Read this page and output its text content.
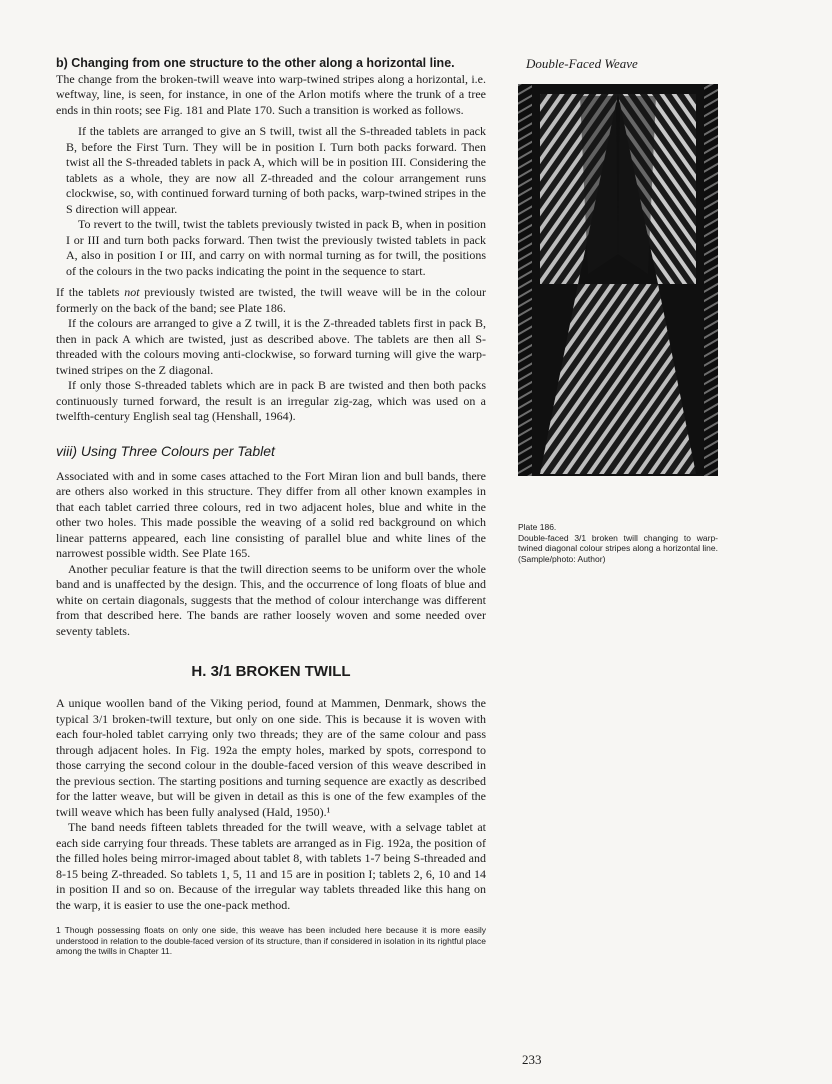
b) Changing from one structure to the other along a horizontal line.

The change from the broken-twill weave into warp-twined stripes along a horizontal, i.e. weftway, line, is seen, for instance, in one of the Arlon motifs where the trunk of a tree ends in thin roots; see Fig. 181 and Plate 170. Such a transition is worked as follows.

If the tablets are arranged to give an S twill, twist all the S-threaded tablets in pack B, before the First Turn. They will be in position I. Turn both packs forward. Then twist all the S-threaded tablets in pack A, which will be in position III. Considering the tablets as a whole, they are now all Z-threaded and the colour arrangement runs clockwise, so, with continued forward turning of both packs, warp-twined stripes in the S direction will appear.

To revert to the twill, twist the tablets previously twisted in pack B, when in position I or III and turn both packs forward. Then twist the previously twisted tablets in pack A, also in position I or III, and carry on with normal turning as for twill, the positions of the colours in the two packs indicating the point in the sequence to start.

If the tablets not previously twisted are twisted, the twill weave will be in the colour formerly on the back of the band; see Plate 186.

If the colours are arranged to give a Z twill, it is the Z-threaded tablets first in pack B, then in pack A which are twisted, just as described above. The tablets are then all S-threaded with the colours moving anti-clockwise, so forward turning will give the warp-twined stripes on the Z diagonal.

If only those S-threaded tablets which are in pack B are twisted and then both packs continuously turned forward, the result is an irregular zig-zag, which was used on a twelfth-century English seal tag (Henshall, 1964).

viii) Using Three Colours per Tablet

Associated with and in some cases attached to the Fort Miran lion and bull bands, there are others also worked in this structure. They differ from all other known examples in that each tablet carried three colours, red in two adjacent holes, blue and white in the other two holes. This made possible the weaving of a solid red background on which linear patterns appeared, each line consisting of parallel blue and white lines of the narrowest possible width. See Plate 165.

Another peculiar feature is that the twill direction seems to be uniform over the whole band and is unaffected by the design. This, and the occurrence of long floats of blue and white on certain diagonals, suggests that the method of colour interchange was different from that described here. The bands are rather loosely woven and some needed over seventy tablets.

H. 3/1 BROKEN TWILL

A unique woollen band of the Viking period, found at Mammen, Denmark, shows the typical 3/1 broken-twill texture, but only on one side. This is because it is woven with each four-holed tablet carrying only two threads; they are of the same colour and pass through adjacent holes. In Fig. 192a the empty holes, marked by spots, correspond to those carrying the second colour in the double-faced version of this weave described in the previous section. The starting positions and turning sequence are exactly as described for the latter weave, but will be given in detail as this is one of the few examples of the twill weave which has been fully analysed (Hald, 1950).¹

The band needs fifteen tablets threaded for the twill weave, with a selvage tablet at each side carrying four threads. These tablets are arranged as in Fig. 192a, the position of the filled holes being mirror-imaged about tablet 8, with tablets 1-7 being S-threaded and 8-15 being Z-threaded. So tablets 1, 5, 11 and 15 are in position I; tablets 2, 6, 10 and 14 in position II and so on. Because of the irregular way tablets threaded like this hang on the warp, it is easier to use the one-pack method.

1 Though possessing floats on only one side, this weave has been included here because it is more easily understood in relation to the double-faced version of its structure, than if considered in isolation in its rightful place among the twills in Chapter 11.

Double-Faced Weave

Plate 186.
Double-faced 3/1 broken twill changing to warp-twined diagonal colour stripes along a horizontal line. (Sample/photo: Author)

233
